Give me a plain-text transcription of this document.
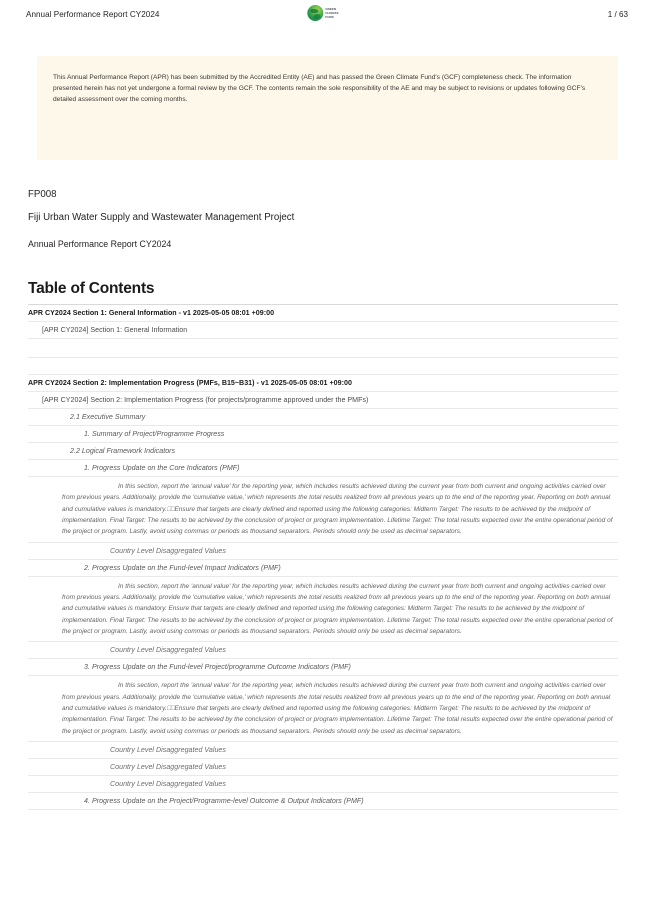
Annual Performance Report CY2024
GREEN
CLIMATE
FUND	1 / 63
This Annual Performance Report (APR) has been submitted by the Accredited Entity (AE) and has passed the Green Climate Fund's (GCF) completeness check. The information presented herein has not yet undergone a formal review by the GCF. The contents remain the sole responsibility of the AE and may be subject to revisions or updates following GCF's detailed assessment over the coming months.
FP008
Fiji Urban Water Supply and Wastewater Management Project
Annual Performance Report CY2024
Table of Contents
APR CY2024 Section 1: General Information - v1 2025-05-05 08:01 +09:00
[APR CY2024] Section 1: General Information
APR CY2024 Section 2: Implementation Progress (PMFs, B15~B31) - v1 2025-05-05 08:01 +09:00
[APR CY2024] Section 2: Implementation Progress (for projects/programme approved under the PMFs)
2.1 Executive Summary
1. Summary of Project/Programme Progress
2.2 Logical Framework Indicators
1. Progress Update on the Core Indicators (PMF)
In this section, report the 'annual value' for the reporting year, which includes results achieved during the current year from both current and ongoing activities carried over from previous years. Additionally, provide the 'cumulative value,' which represents the total results realized from all previous years up to the end of the reporting year. Reporting on both annual and cumulative values is mandatory.⎕⎕Ensure that targets are clearly defined and reported using the following categories: Midterm Target: The results to be achieved by the midpoint of implementation. Final Target: The results to be achieved by the conclusion of project or program implementation. Lifetime Target: The total results expected over the entire operational period of the project or program. Lastly, avoid using commas or periods as thousand separators. Periods should only be used as decimal separators.
Country Level Disaggregated Values
2. Progress Update on the Fund-level Impact Indicators (PMF)
In this section, report the 'annual value' for the reporting year, which includes results achieved during the current year from both current and ongoing activities carried over from previous years. Additionally, provide the 'cumulative value,' which represents the total results realized from all previous years up to the end of the reporting year. Reporting on both annual and cumulative values is mandatory. Ensure that targets are clearly defined and reported using the following categories: Midterm Target: The results to be achieved by the midpoint of implementation. Final Target: The results to be achieved by the conclusion of project or program implementation. Lifetime Target: The total results expected over the entire operational period of the project or program. Lastly, avoid using commas or periods as thousand separators. Periods should only be used as decimal separators.
Country Level Disaggregated Values
3. Progress Update on the Fund-level Project/programme Outcome Indicators (PMF)
In this section, report the 'annual value' for the reporting year, which includes results achieved during the current year from both current and ongoing activities carried over from previous years. Additionally, provide the 'cumulative value,' which represents the total results realized from all previous years up to the end of the reporting year. Reporting on both annual and cumulative values is mandatory.⎕⎕Ensure that targets are clearly defined and reported using the following categories: Midterm Target: The results to be achieved by the midpoint of implementation. Final Target: The results to be achieved by the conclusion of project or program implementation. Lifetime Target: The total results expected over the entire operational period of the project or program. Lastly, avoid using commas or periods as thousand separators. Periods should only be used as decimal separators.
Country Level Disaggregated Values
Country Level Disaggregated Values
Country Level Disaggregated Values
4. Progress Update on the Project/Programme-level Outcome & Output Indicators (PMF)
